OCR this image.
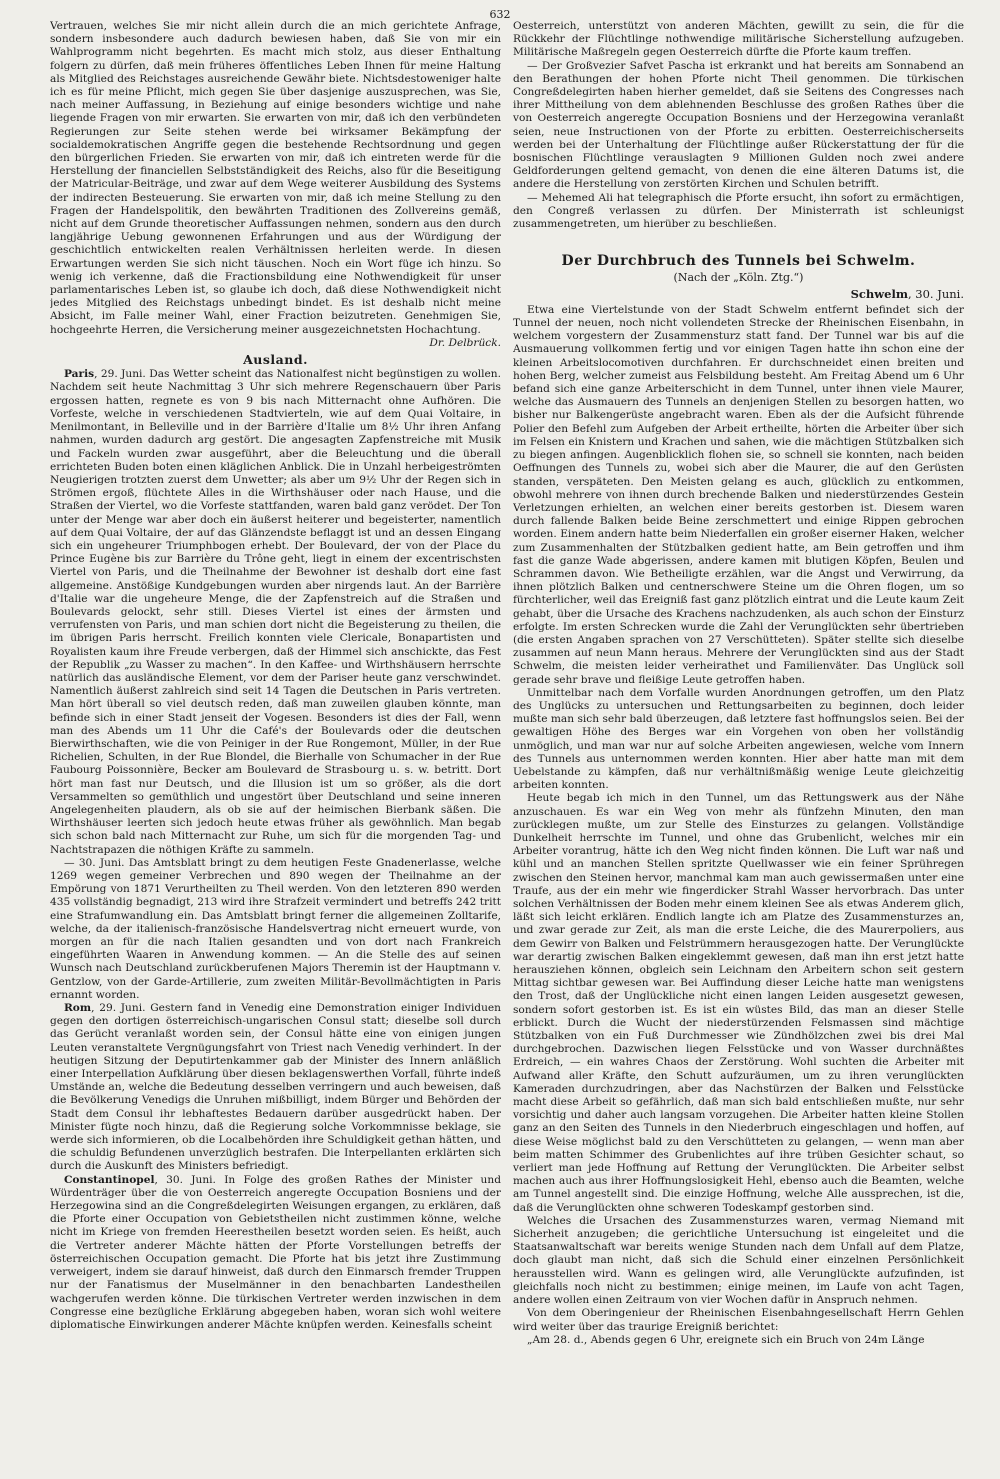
632

Vertrauen, welches Sie mir nicht allein durch die an mich gerichtete Anfrage, sondern insbesondere auch dadurch bewiesen haben, daß Sie von mir ein Wahlprogramm nicht begehrten. Es macht mich stolz, aus dieser Enthaltung folgern zu dürfen, daß mein früheres öffentliches Leben Ihnen für meine Haltung als Mitglied des Reichstages ausreichende Gewähr biete. Nichtsdestoweniger halte ich es für meine Pflicht, mich gegen Sie über dasjenige auszusprechen, was Sie, nach meiner Auffassung, in Beziehung auf einige besonders wichtige und nahe liegende Fragen von mir erwarten. Sie erwarten von mir, daß ich den verbündeten Regierungen zur Seite stehen werde bei wirksamer Bekämpfung der socialdemokratischen Angriffe gegen die bestehende Rechtsordnung und gegen den bürgerlichen Frieden. Sie erwarten von mir, daß ich eintreten werde für die Herstellung der financiellen Selbstständigkeit des Reichs, also für die Beseitigung der Matricular-Beiträge, und zwar auf dem Wege weiterer Ausbildung des Systems der indirecten Besteuerung. Sie erwarten von mir, daß ich meine Stellung zu den Fragen der Handelspolitik, den bewährten Traditionen des Zollvereins gemäß, nicht auf dem Grunde theoretischer Auffassungen nehmen, sondern aus den durch langjährige Uebung gewonnenen Erfahrungen und aus der Würdigung der geschichtlich entwickelten realen Verhältnissen herleiten werde. In diesen Erwartungen werden Sie sich nicht täuschen. Noch ein Wort füge ich hinzu. So wenig ich verkenne, daß die Fractionsbildung eine Nothwendigkeit für unser parlamentarisches Leben ist, so glaube ich doch, daß diese Nothwendigkeit nicht jedes Mitglied des Reichstags unbedingt bindet. Es ist deshalb nicht meine Absicht, im Falle meiner Wahl, einer Fraction beizutreten. Genehmigen Sie, hochgeehrte Herren, die Versicherung meiner ausgezeichnetsten Hochachtung.

Dr. Delbrück.
Ausland.

Paris, 29. Juni. Das Wetter scheint das Nationalfest nicht begünstigen zu wollen. Nachdem seit heute Nachmittag 3 Uhr sich mehrere Regenschauern über Paris ergossen hatten, regnete es von 9 bis nach Mitternacht ohne Aufhören. Die Vorfeste, welche in verschiedenen Stadtvierteln, wie auf dem Quai Voltaire, in Menilmontant, in Belleville und in der Barrière d'Italie um 8½ Uhr ihren Anfang nahmen, wurden dadurch arg gestört. Die angesagten Zapfenstreiche mit Musik und Fackeln wurden zwar ausgeführt, aber die Beleuchtung und die überall errichteten Buden boten einen kläglichen Anblick. Die in Unzahl herbeigeströmten Neugierigen trotzten zuerst dem Unwetter; als aber um 9½ Uhr der Regen sich in Strömen ergoß, flüchtete Alles in die Wirthshäuser oder nach Hause, und die Straßen der Viertel, wo die Vorfeste stattfanden, waren bald ganz verödet. Der Ton unter der Menge war aber doch ein äußerst heiterer und begeisterter, namentlich auf dem Quai Voltaire, der auf das Glänzendste beflaggt ist und an dessen Eingang sich ein ungeheurer Triumphbogen erhebt. Der Boulevard, der von der Place du Prince Eugène bis zur Barrière du Trône geht, liegt in einem der excentrischsten Viertel von Paris, und die Theilnahme der Bewohner ist deshalb dort eine fast allgemeine. Anstößige Kundgebungen wurden aber nirgends laut. An der Barrière d'Italie war die ungeheure Menge, die der Zapfenstreich auf die Straßen und Boulevards gelockt, sehr still. Dieses Viertel ist eines der ärmsten und verrufensten von Paris, und man schien dort nicht die Begeisterung zu theilen, die im übrigen Paris herrscht. Freilich konnten viele Clericale, Bonapartisten und Royalisten kaum ihre Freude verbergen, daß der Himmel sich anschickte, das Fest der Republik „zu Wasser zu machen“. In den Kaffee- und Wirthshäusern herrschte natürlich das ausländische Element, vor dem der Pariser heute ganz verschwindet. Namentlich äußerst zahlreich sind seit 14 Tagen die Deutschen in Paris vertreten. Man hört überall so viel deutsch reden, daß man zuweilen glauben könnte, man befinde sich in einer Stadt jenseit der Vogesen. Besonders ist dies der Fall, wenn man des Abends um 11 Uhr die Café's der Boulevards oder die deutschen Bierwirthschaften, wie die von Peiniger in der Rue Rongemont, Müller, in der Rue Richelien, Schulten, in der Rue Blondel, die Bierhalle von Schumacher in der Rue Faubourg Poissonnière, Becker am Boulevard de Strasbourg u. s. w. betritt. Dort hört man fast nur Deutsch, und die Illusion ist um so größer, als die dort Versammelten so gemüthlich und ungestört über Deutschland und seine inneren Angelegenheiten plaudern, als ob sie auf der heimischen Bierbank säßen. Die Wirthshäuser leerten sich jedoch heute etwas früher als gewöhnlich. Man begab sich schon bald nach Mitternacht zur Ruhe, um sich für die morgenden Tag- und Nachtstrapazen die nöthigen Kräfte zu sammeln.

— 30. Juni. Das Amtsblatt bringt zu dem heutigen Feste Gnadenerlasse, welche 1269 wegen gemeiner Verbrechen und 890 wegen der Theilnahme an der Empörung von 1871 Verurtheilten zu Theil werden. Von den letzteren 890 werden 435 vollständig begnadigt, 213 wird ihre Strafzeit vermindert und betreffs 242 tritt eine Strafumwandlung ein. Das Amtsblatt bringt ferner die allgemeinen Zolltarife, welche, da der italienisch-französische Handelsvertrag nicht erneuert wurde, von morgen an für die nach Italien gesandten und von dort nach Frankreich eingeführten Waaren in Anwendung kommen. — An die Stelle des auf seinen Wunsch nach Deutschland zurückberufenen Majors Theremin ist der Hauptmann v. Gentzlow, von der Garde-Artillerie, zum zweiten Militär-Bevollmächtigten in Paris ernannt worden.

Rom, 29. Juni. Gestern fand in Venedig eine Demonstration einiger Individuen gegen den dortigen österreichisch-ungarischen Consul statt; dieselbe soll durch das Gerücht veranlaßt worden sein, der Consul hätte eine von einigen jungen Leuten veranstaltete Vergnügungsfahrt von Triest nach Venedig verhindert. In der heutigen Sitzung der Deputirtenkammer gab der Minister des Innern anläßlich einer Interpellation Aufklärung über diesen beklagenswerthen Vorfall, führte indeß Umstände an, welche die Bedeutung desselben verringern und auch beweisen, daß die Bevölkerung Venedigs die Unruhen mißbilligt, indem Bürger und Behörden der Stadt dem Consul ihr lebhaftestes Bedauern darüber ausgedrückt haben. Der Minister fügte noch hinzu, daß die Regierung solche Vorkommnisse beklage, sie werde sich informieren, ob die Localbehörden ihre Schuldigkeit gethan hätten, und die schuldig Befundenen unverzüglich bestrafen. Die Interpellanten erklärten sich durch die Auskunft des Ministers befriedigt.

Constantinopel, 30. Juni. In Folge des großen Rathes der Minister und Würdenträger über die von Oesterreich angeregte Occupation Bosniens und der Herzegowina sind an die Congreßdelegirten Weisungen ergangen, zu erklären, daß die Pforte einer Occupation von Gebietstheilen nicht zustimmen könne, welche nicht im Kriege von fremden Heerestheilen besetzt worden seien. Es heißt, auch die Vertreter anderer Mächte hätten der Pforte Vorstellungen betreffs der österreichischen Occupation gemacht. Die Pforte hat bis jetzt ihre Zustimmung verweigert, indem sie darauf hinweist, daß durch den Einmarsch fremder Truppen nur der Fanatismus der Muselmänner in den benachbarten Landestheilen wachgerufen werden könne. Die türkischen Vertreter werden inzwischen in dem Congresse eine bezügliche Erklärung abgegeben haben, woran sich wohl weitere diplomatische Einwirkungen anderer Mächte knüpfen werden. Keinesfalls scheint

Oesterreich, unterstützt von anderen Mächten, gewillt zu sein, die für die Rückkehr der Flüchtlinge nothwendige militärische Sicherstellung aufzugeben. Militärische Maßregeln gegen Oesterreich dürfte die Pforte kaum treffen.

— Der Großvezier Safvet Pascha ist erkrankt und hat bereits am Sonnabend an den Berathungen der hohen Pforte nicht Theil genommen. Die türkischen Congreßdelegirten haben hierher gemeldet, daß sie Seitens des Congresses nach ihrer Mittheilung von dem ablehnenden Beschlusse des großen Rathes über die von Oesterreich angeregte Occupation Bosniens und der Herzegowina veranlaßt seien, neue Instructionen von der Pforte zu erbitten. Oesterreichischerseits werden bei der Unterhaltung der Flüchtlinge außer Rückerstattung der für die bosnischen Flüchtlinge verauslagten 9 Millionen Gulden noch zwei andere Geldforderungen geltend gemacht, von denen die eine älteren Datums ist, die andere die Herstellung von zerstörten Kirchen und Schulen betrifft.

— Mehemed Ali hat telegraphisch die Pforte ersucht, ihn sofort zu ermächtigen, den Congreß verlassen zu dürfen. Der Ministerrath ist schleunigst zusammengetreten, um hierüber zu beschließen.

Der Durchbruch des Tunnels bei Schwelm.
(Nach der „Köln. Ztg.“)
Schwelm, 30. Juni.

Etwa eine Viertelstunde von der Stadt Schwelm entfernt befindet sich der Tunnel der neuen, noch nicht vollendeten Strecke der Rheinischen Eisenbahn, in welchem vorgestern der Zusammensturz statt fand. Der Tunnel war bis auf die Ausmauerung vollkommen fertig und vor einigen Tagen hatte ihn schon eine der kleinen Arbeitslocomotiven durchfahren. Er durchschneidet einen breiten und hohen Berg, welcher zumeist aus Felsbildung besteht. Am Freitag Abend um 6 Uhr befand sich eine ganze Arbeiterschicht in dem Tunnel, unter ihnen viele Maurer, welche das Ausmauern des Tunnels an denjenigen Stellen zu besorgen hatten, wo bisher nur Balkengerüste angebracht waren. Eben als der die Aufsicht führende Polier den Befehl zum Aufgeben der Arbeit ertheilte, hörten die Arbeiter über sich im Felsen ein Knistern und Krachen und sahen, wie die mächtigen Stützbalken sich zu biegen anfingen. Augenblicklich flohen sie, so schnell sie konnten, nach beiden Oeffnungen des Tunnels zu, wobei sich aber die Maurer, die auf den Gerüsten standen, verspäteten. Den Meisten gelang es auch, glücklich zu entkommen, obwohl mehrere von ihnen durch brechende Balken und niederstürzendes Gestein Verletzungen erhielten, an welchen einer bereits gestorben ist. Diesem waren durch fallende Balken beide Beine zerschmettert und einige Rippen gebrochen worden. Einem andern hatte beim Niederfallen ein großer eiserner Haken, welcher zum Zusammenhalten der Stützbalken gedient hatte, am Bein getroffen und ihm fast die ganze Wade abgerissen, andere kamen mit blutigen Köpfen, Beulen und Schrammen davon. Wie Betheiligte erzählen, war die Angst und Verwirrung, da ihnen plötzlich Balken und centnerschwere Steine um die Ohren flogen, um so fürchterlicher, weil das Ereigniß fast ganz plötzlich eintrat und die Leute kaum Zeit gehabt, über die Ursache des Krachens nachzudenken, als auch schon der Einsturz erfolgte. Im ersten Schrecken wurde die Zahl der Verunglückten sehr übertrieben (die ersten Angaben sprachen von 27 Verschütteten). Später stellte sich dieselbe zusammen auf neun Mann heraus. Mehrere der Verunglückten sind aus der Stadt Schwelm, die meisten leider verheirathet und Familienväter. Das Unglück soll gerade sehr brave und fleißige Leute getroffen haben.

Unmittelbar nach dem Vorfalle wurden Anordnungen getroffen, um den Platz des Unglücks zu untersuchen und Rettungsarbeiten zu beginnen, doch leider mußte man sich sehr bald überzeugen, daß letztere fast hoffnungslos seien. Bei der gewaltigen Höhe des Berges war ein Vorgehen von oben her vollständig unmöglich, und man war nur auf solche Arbeiten angewiesen, welche vom Innern des Tunnels aus unternommen werden konnten. Hier aber hatte man mit dem Uebelstande zu kämpfen, daß nur verhältnißmäßig wenige Leute gleichzeitig arbeiten konnten.

Heute begab ich mich in den Tunnel, um das Rettungswerk aus der Nähe anzuschauen. Es war ein Weg von mehr als fünfzehn Minuten, den man zurücklegen mußte, um zur Stelle des Einsturzes zu gelangen. Vollständige Dunkelheit herrschte im Tunnel, und ohne das Grubenlicht, welches mir ein Arbeiter vorantrug, hätte ich den Weg nicht finden können. Die Luft war naß und kühl und an manchen Stellen spritzte Quellwasser wie ein feiner Sprühregen zwischen den Steinen hervor, manchmal kam man auch gewissermaßen unter eine Traufe, aus der ein mehr wie fingerdicker Strahl Wasser hervorbrach. Das unter solchen Verhältnissen der Boden mehr einem kleinen See als etwas Anderem glich, läßt sich leicht erklären. Endlich langte ich am Platze des Zusammensturzes an, und zwar gerade zur Zeit, als man die erste Leiche, die des Maurerpoliers, aus dem Gewirr von Balken und Felstrümmern herausgezogen hatte. Der Verunglückte war derartig zwischen Balken eingeklemmt gewesen, daß man ihn erst jetzt hatte herausziehen können, obgleich sein Leichnam den Arbeitern schon seit gestern Mittag sichtbar gewesen war. Bei Auffindung dieser Leiche hatte man wenigstens den Trost, daß der Unglückliche nicht einen langen Leiden ausgesetzt gewesen, sondern sofort gestorben ist. Es ist ein wüstes Bild, das man an dieser Stelle erblickt. Durch die Wucht der niederstürzenden Felsmassen sind mächtige Stützbalken von ein Fuß Durchmesser wie Zündhölzchen zwei bis drei Mal durchgebrochen. Dazwischen liegen Felsstücke und von Wasser durchnäßtes Erdreich, — ein wahres Chaos der Zerstörung. Wohl suchten die Arbeiter mit Aufwand aller Kräfte, den Schutt aufzuräumen, um zu ihren verunglückten Kameraden durchzudringen, aber das Nachstürzen der Balken und Felsstücke macht diese Arbeit so gefährlich, daß man sich bald entschließen mußte, nur sehr vorsichtig und daher auch langsam vorzugehen. Die Arbeiter hatten kleine Stollen ganz an den Seiten des Tunnels in den Niederbruch eingeschlagen und hoffen, auf diese Weise möglichst bald zu den Verschütteten zu gelangen, — wenn man aber beim matten Schimmer des Grubenlichtes auf ihre trüben Gesichter schaut, so verliert man jede Hoffnung auf Rettung der Verunglückten. Die Arbeiter selbst machen auch aus ihrer Hoffnungslosigkeit Hehl, ebenso auch die Beamten, welche am Tunnel angestellt sind. Die einzige Hoffnung, welche Alle aussprechen, ist die, daß die Verunglückten ohne schweren Todeskampf gestorben sind.

Welches die Ursachen des Zusammensturzes waren, vermag Niemand mit Sicherheit anzugeben; die gerichtliche Untersuchung ist eingeleitet und die Staatsanwaltschaft war bereits wenige Stunden nach dem Unfall auf dem Platze, doch glaubt man nicht, daß sich die Schuld einer einzelnen Persönlichkeit herausstellen wird. Wann es gelingen wird, alle Verunglückte aufzufinden, ist gleichfalls noch nicht zu bestimmen; einige meinen, im Laufe von acht Tagen, andere wollen einen Zeitraum von vier Wochen dafür in Anspruch nehmen.

Von dem Oberingenieur der Rheinischen Eisenbahngesellschaft Herrn Gehlen wird weiter über das traurige Ereigniß berichtet:

„Am 28. d., Abends gegen 6 Uhr, ereignete sich ein Bruch von 24m Länge
